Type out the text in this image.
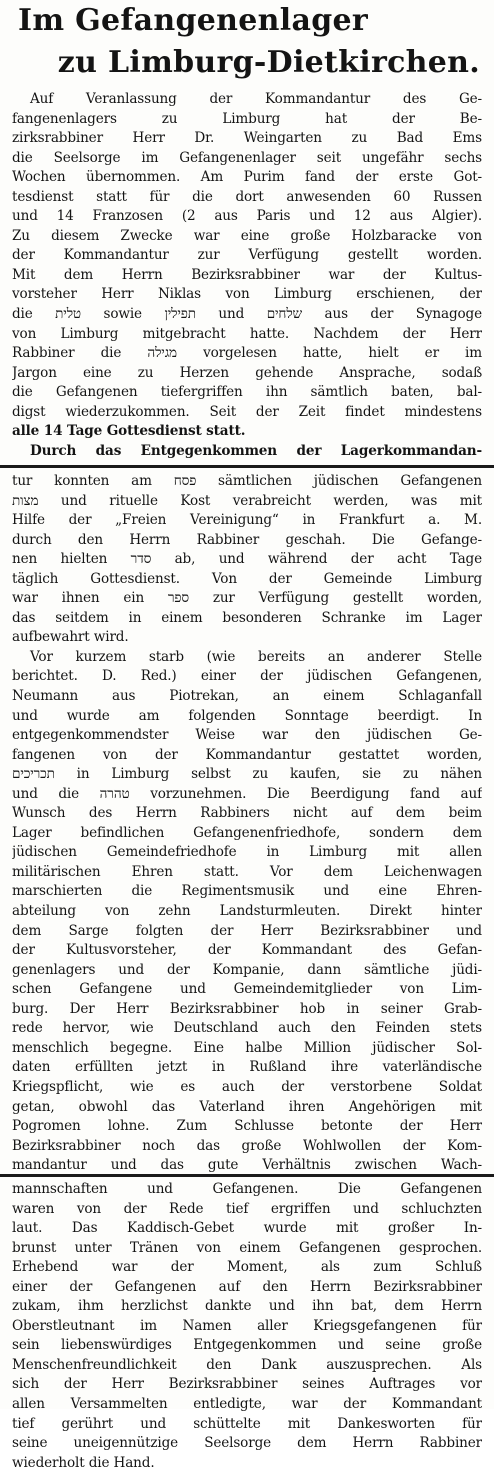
Im Gefangenenlager
zu Limburg-Dietkirchen.
Auf Veranlassung der Kommandantur des Ge-
fangenenlagers zu Limburg hat der Be-
zirksrabbiner Herr Dr. Weingarten zu Bad Ems
die Seelsorge im Gefangenenlager seit ungefähr sechs
Wochen übernommen. Am Purim fand der erste Got-
tesdienst statt für die dort anwesenden 60 Russen
und 14 Franzosen (2 aus Paris und 12 aus Algier).
Zu diesem Zwecke war eine große Holzbaracke von
der Kommandantur zur Verfügung gestellt worden.
Mit dem Herrn Bezirksrabbiner war der Kultus-
vorsteher Herr Niklas von Limburg erschienen, der
die טלית sowie תפילין und שלחים aus der Synagoge
von Limburg mitgebracht hatte. Nachdem der Herr
Rabbiner die מגילה vorgelesen hatte, hielt er im
Jargon eine zu Herzen gehende Ansprache, sodaß
die Gefangenen tiefergriffen ihn sämtlich baten, bal-
digst wiederzukommen. Seit der Zeit findet mindestens
alle 14 Tage Gottesdienst statt.
Durch das Entgegenkommen der Lagerkommandan-
tur konnten am פסח sämtlichen jüdischen Gefangenen
מצות und rituelle Kost verabreicht werden, was mit
Hilfe der „Freien Vereinigung“ in Frankfurt a. M.
durch den Herrn Rabbiner geschah. Die Gefange-
nen hielten סדר ab, und während der acht Tage
täglich Gottesdienst. Von der Gemeinde Limburg
war ihnen ein ספר zur Verfügung gestellt worden,
das seitdem in einem besonderen Schranke im Lager
aufbewahrt wird.
Vor kurzem starb (wie bereits an anderer Stelle
berichtet. D. Red.) einer der jüdischen Gefangenen,
Neumann aus Piotrekan, an einem Schlaganfall
und wurde am folgenden Sonntage beerdigt. In
entgegenkommendster Weise war den jüdischen Ge-
fangenen von der Kommandantur gestattet worden,
תכריכים in Limburg selbst zu kaufen, sie zu nähen
und die טהרה vorzunehmen. Die Beerdigung fand auf
Wunsch des Herrn Rabbiners nicht auf dem beim
Lager befindlichen Gefangenenfriedhofe, sondern dem
jüdischen Gemeindefriedhofe in Limburg mit allen
militärischen Ehren statt. Vor dem Leichenwagen
marschierten die Regimentsmusik und eine Ehren-
abteilung von zehn Landsturmleuten. Direkt hinter
dem Sarge folgten der Herr Bezirksrabbiner und
der Kultusvorsteher, der Kommandant des Gefan-
genenlagers und der Kompanie, dann sämtliche jüdi-
schen Gefangene und Gemeindemitglieder von Lim-
burg. Der Herr Bezirksrabbiner hob in seiner Grab-
rede hervor, wie Deutschland auch den Feinden stets
menschlich begegne. Eine halbe Million jüdischer Sol-
daten erfüllten jetzt in Rußland ihre vaterländische
Kriegspflicht, wie es auch der verstorbene Soldat
getan, obwohl das Vaterland ihren Angehörigen mit
Pogromen lohne. Zum Schlusse betonte der Herr
Bezirksrabbiner noch das große Wohlwollen der Kom-
mandantur und das gute Verhältnis zwischen Wach-
mannschaften und Gefangenen. Die Gefangenen
waren von der Rede tief ergriffen und schluchzten
laut. Das Kaddisch-Gebet wurde mit großer In-
brunst unter Tränen von einem Gefangenen gesprochen.
Erhebend war der Moment, als zum Schluß
einer der Gefangenen auf den Herrn Bezirksrabbiner
zukam, ihm herzlichst dankte und ihn bat, dem Herrn
Oberstleutnant im Namen aller Kriegsgefangenen für
sein liebenswürdiges Entgegenkommen und seine große
Menschenfreundlichkeit den Dank auszusprechen. Als
sich der Herr Bezirksrabbiner seines Auftrages vor
allen Versammelten entledigte, war der Kommandant
tief gerührt und schüttelte mit Dankesworten für
seine uneigennützige Seelsorge dem Herrn Rabbiner
wiederholt die Hand.
